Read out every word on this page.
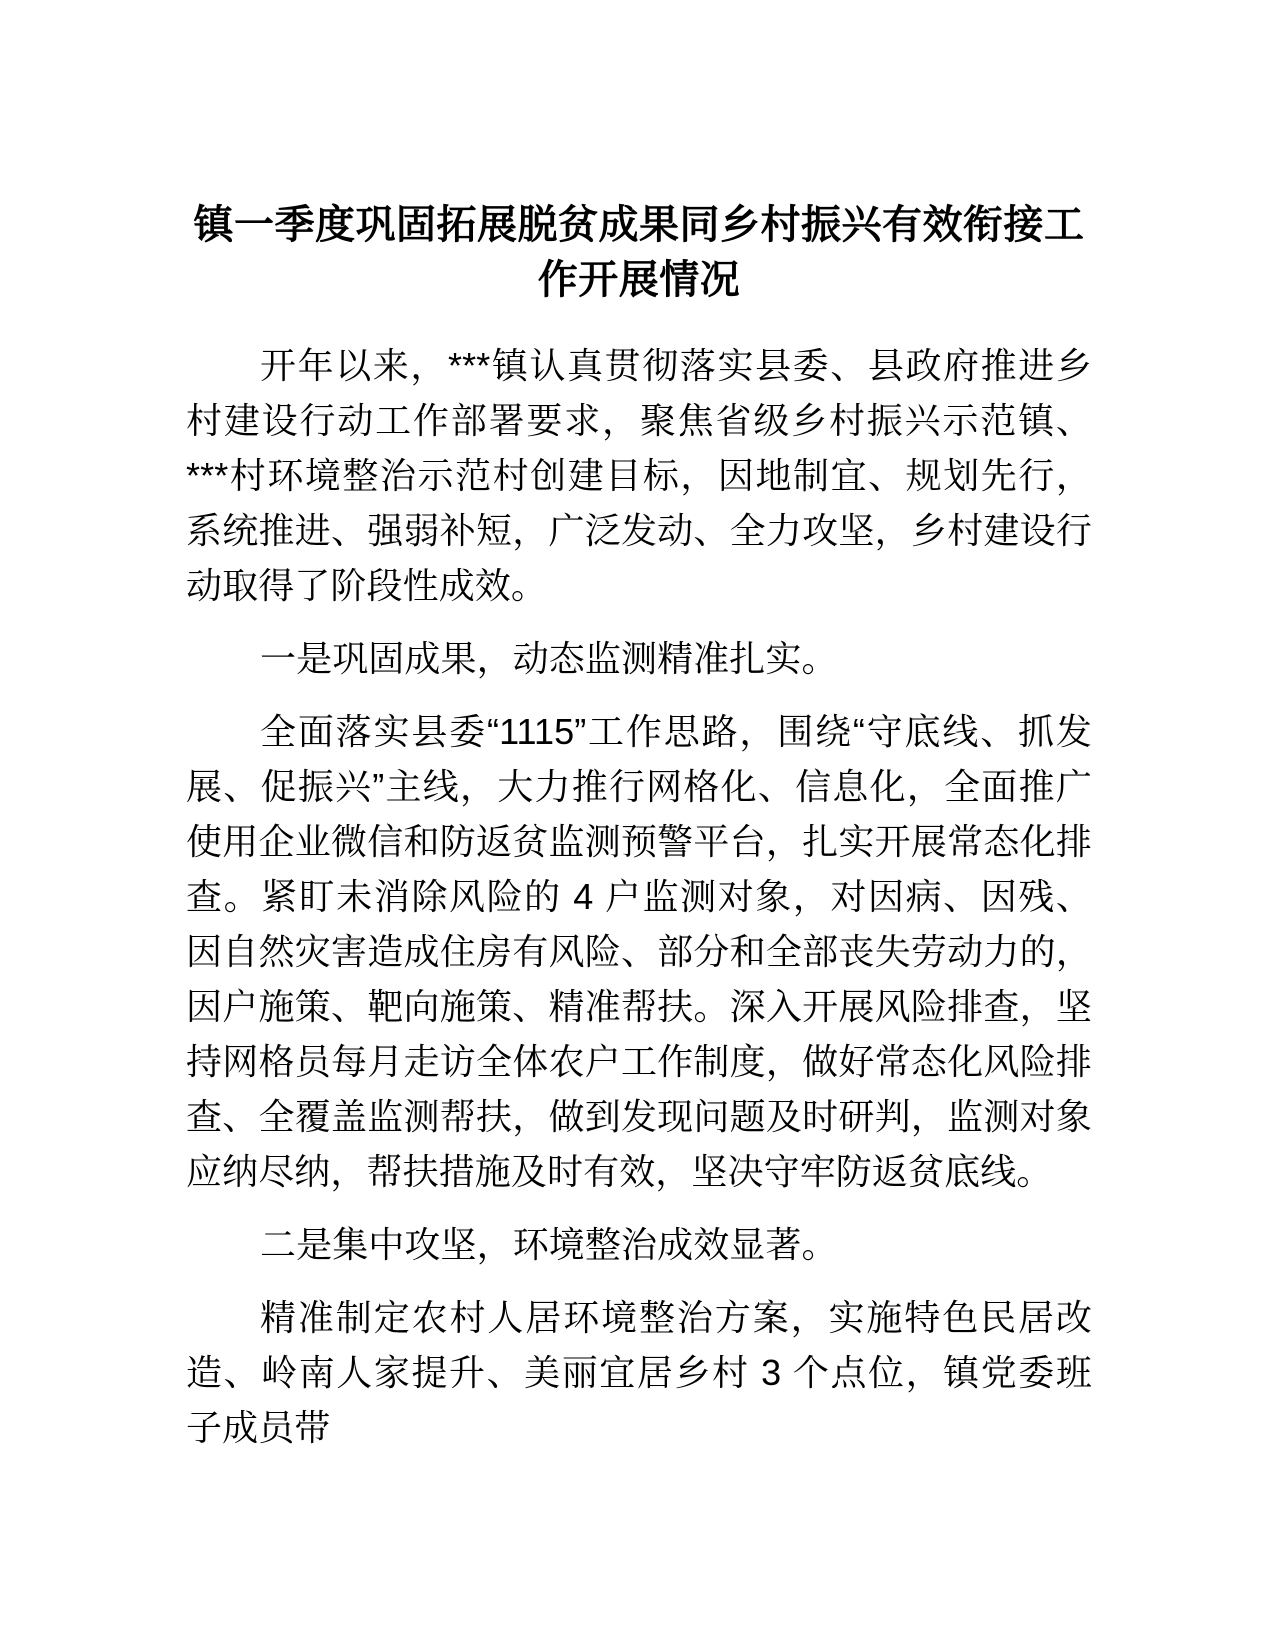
镇一季度巩固拓展脱贫成果同乡村振兴有效衔接工作开展情况

开年以来，***镇认真贯彻落实县委、县政府推进乡村建设行动工作部署要求，聚焦省级乡村振兴示范镇、***村环境整治示范村创建目标，因地制宜、规划先行，系统推进、强弱补短，广泛发动、全力攻坚，乡村建设行动取得了阶段性成效。

一是巩固成果，动态监测精准扎实。

全面落实县委“1115”工作思路，围绕“守底线、抓发展、促振兴”主线，大力推行网格化、信息化，全面推广使用企业微信和防返贫监测预警平台，扎实开展常态化排查。紧盯未消除风险的 4 户监测对象，对因病、因残、因自然灾害造成住房有风险、部分和全部丧失劳动力的，因户施策、靶向施策、精准帮扶。深入开展风险排查，坚持网格员每月走访全体农户工作制度，做好常态化风险排查、全覆盖监测帮扶，做到发现问题及时研判，监测对象应纳尽纳，帮扶措施及时有效，坚决守牢防返贫底线。

二是集中攻坚，环境整治成效显著。

精准制定农村人居环境整治方案，实施特色民居改造、岭南人家提升、美丽宜居乡村 3 个点位，镇党委班子成员带
